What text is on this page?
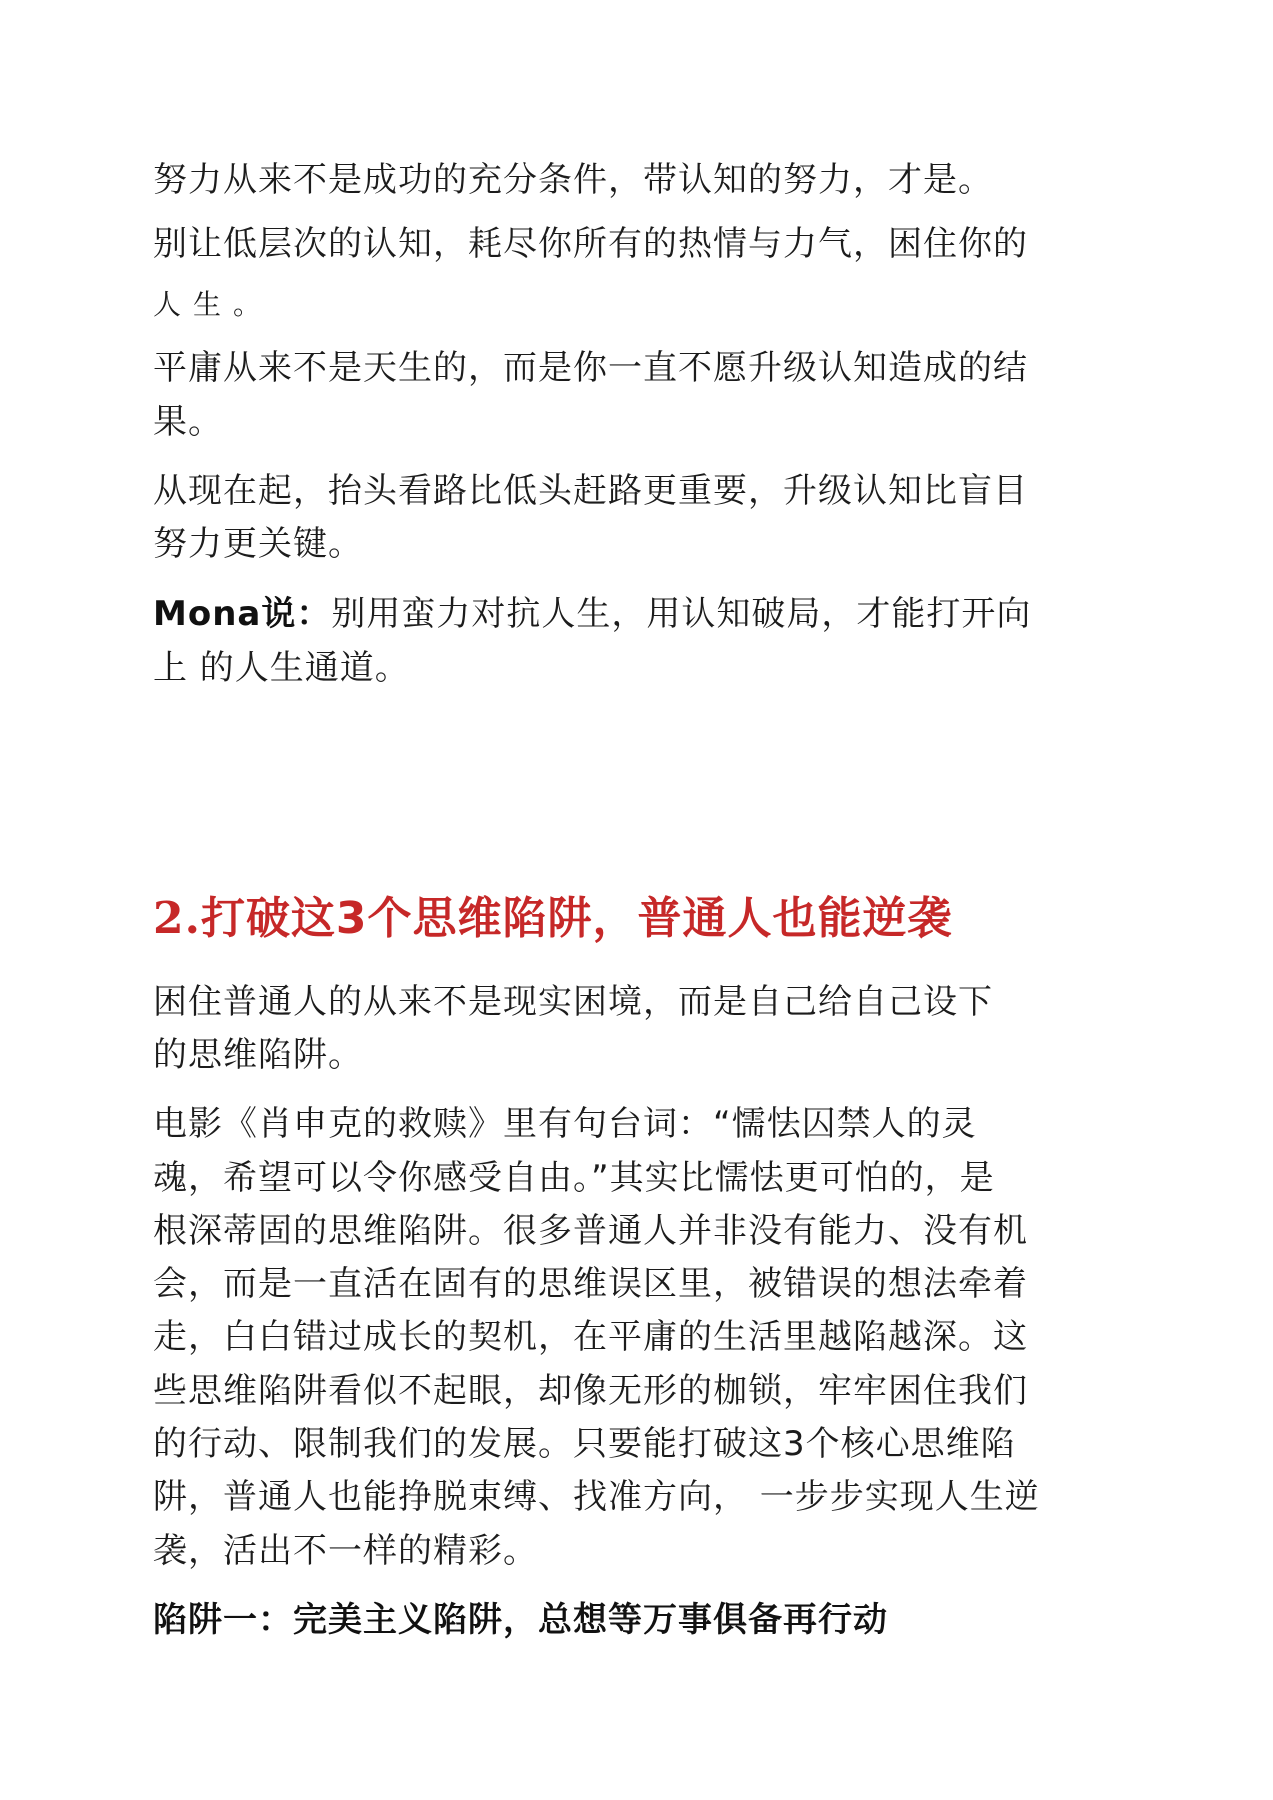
努力从来不是成功的充分条件，带认知的努力，才是。

别让低层次的认知，耗尽你所有的热情与力气，困住你的

人生。

平庸从来不是天生的，而是你一直不愿升级认知造成的结

果。

从现在起，抬头看路比低头赶路更重要，升级认知比盲目

努力更关键。

Mona说：别用蛮力对抗人生，用认知破局，才能打开向

上 的人生通道。

2.打破这3个思维陷阱，普通人也能逆袭

困住普通人的从来不是现实困境，而是自己给自己设下

的思维陷阱。

电影《肖申克的救赎》里有句台词：“懦怯囚禁人的灵

魂，希望可以令你感受自由。”其实比懦怯更可怕的，是

根深蒂固的思维陷阱。很多普通人并非没有能力、没有机

会，而是一直活在固有的思维误区里，被错误的想法牵着

走，白白错过成长的契机，在平庸的生活里越陷越深。这

些思维陷阱看似不起眼，却像无形的枷锁，牢牢困住我们

的行动、限制我们的发展。只要能打破这3个核心思维陷

阱，普通人也能挣脱束缚、找准方向， 一步步实现人生逆

袭，活出不一样的精彩。

陷阱一：完美主义陷阱，总想等万事俱备再行动
